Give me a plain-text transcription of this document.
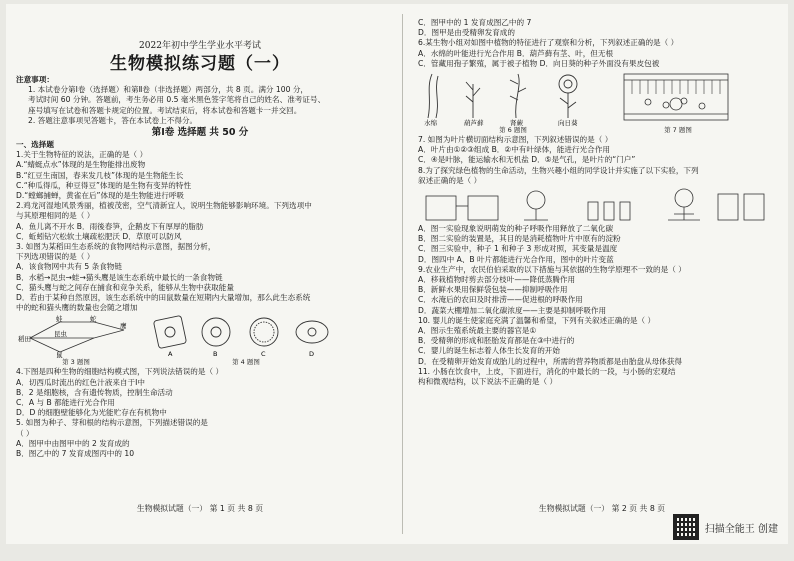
2022年初中学生学业水平考试
生物模拟练习题（一）
注意事项：
1. 本试卷分第Ⅰ卷（选择题）和第Ⅱ卷（非选择题）两部分，共 8 页。满分 100 分，
考试时间 60 分钟。答题前，考生务必用 0.5 毫米黑色签字笔将自己的姓名、准考证号、
座号填写在试卷和答题卡规定的位置。考试结束后，将本试卷和答题卡一并交回。
2. 答题注意事项见答题卡，答在本试卷上不得分。
第Ⅰ卷 选择题 共 50 分
一、选择题
1.关于生物特征的说法，正确的是（ ）
A.“蜻蜓点水”体现的是生物能排出废物
B.“红豆生南国，春来发几枝”体现的是生物能生长
C.“种瓜得瓜，种豆得豆”体现的是生物有变异的特性
D.“螳螂捕蝉，黄雀在后”体现的是生物能进行呼吸
2.鸡龙河湿地风景秀丽，植被茂密，空气清新宜人，说明生物能够影响环境。下列选项中
与其原理相同的是（ ）
A．鱼儿离不开水 B．雨後春笋，企鹅皮下有厚厚的脂肪
C．蚯蚓钻穴松软土壤疏松肥沃 D．草原可以防风
3. 如图为某稻田生态系统的食物网结构示意图，据图分析，
下列选项错误的是（ ）
A．该食物网中共有 5 条食物链
B．水稻→昆虫→蛙→猫头鹰是该生态系统中最长的一条食物链
C．猫头鹰与蛇之间存在捕食和竞争关系，能够从生物中获取能量
D．若由于某种自然原因，该生态系统中的田鼠数量在短期内大量增加，那么此生态系统
中的蛇和猫头鹰的数量也会随之增加
稻田
蛙
昆虫
鼠
蛇
鹰
第 3 题图
A	B	C	D
第 4 题图
4.下图是四种生物的细胞结构模式图，下列说法错误的是（ ）
A．切西瓜时流出的红色汁液来自于Ⅰ中
B．2 是细胞核，含有遗传物质，控制生命活动
C．A 与 B 都能进行光合作用
D．D 的细胞壁能够化为光能贮存在有机物中
5. 如图为种子、芽和根的结构示意图，下列描述错误的是
（ ）
A．图甲中由图甲中的 2 发育成的
B．图乙中的 7 发育成图丙中的 10
生物模拟试题（一） 第 1 页 共 8 页
C．图甲中的 1 发育成图乙中的 7
D．图甲是由受精卵发育成的
6.某生物小组对如图中植物的特征进行了观察和分析，下列叙述正确的是（ ）
A．水绵的叶能进行光合作用 B．葫芦藓有茎、叶，但无根
C．管藏用孢子繁殖，属于被子植物 D．向日葵的种子外面没有果皮包被
水绵	葫芦藓	肾蕨	向日葵
第 6 题图	第 7 题图
7. 如图为叶片横切面结构示意图，下列叙述错误的是（ ）
A．叶片由①②③组成 B．②中有叶绿体，能进行光合作用
C．④是叶脉，能运输水和无机盐 D．⑤是气孔，是叶片的“门户”
8.为了探究绿色植物的生命活动，生物兴趣小组的同学设计并实施了以下实验，下列
叙述正确的是（ ）
A．图一实验现象说明萌发的种子呼吸作用释放了二氧化碳
B．图二实验的装置是，其目的是消耗植物叶片中原有的淀粉
C．图三实验中，种子 1 和种子 3 形成对照，其变量是温度
D．图四中 A、B 叶片都能进行光合作用，图中的叶片变蓝
9.农业生产中，农民伯伯采取的以下措施与其依据的生物学原理不一致的是（ ）
A．移栽植物时剪去部分枝叶——降低蒸腾作用
B．新鲜水果用保鲜袋包装——抑制呼吸作用
C．水淹后的农田及时排涝——促进根的呼吸作用
D．蔬菜大棚增加二氧化碳浓度——主要是抑制呼吸作用
10. 婴儿的诞生使家庭充满了温馨和希望，下列有关叙述正确的是（ ）
A．图示生殖系统最主要的器官是①
B．受精卵的形成和胚胎发育都是在③中进行的
C．婴儿的诞生标志着人体生长发育的开始
D．在受精卵开始发育成胎儿的过程中，所需的营养物质都是由胎盘从母体获得
11. 小肠在饮食中，上皮，下面进行，消化的中最长的一段，与小肠的宏观结
构和微观结构，以下说法不正确的是（ ）
生物模拟试题（一） 第 2 页 共 8 页
扫描全能王 创建
